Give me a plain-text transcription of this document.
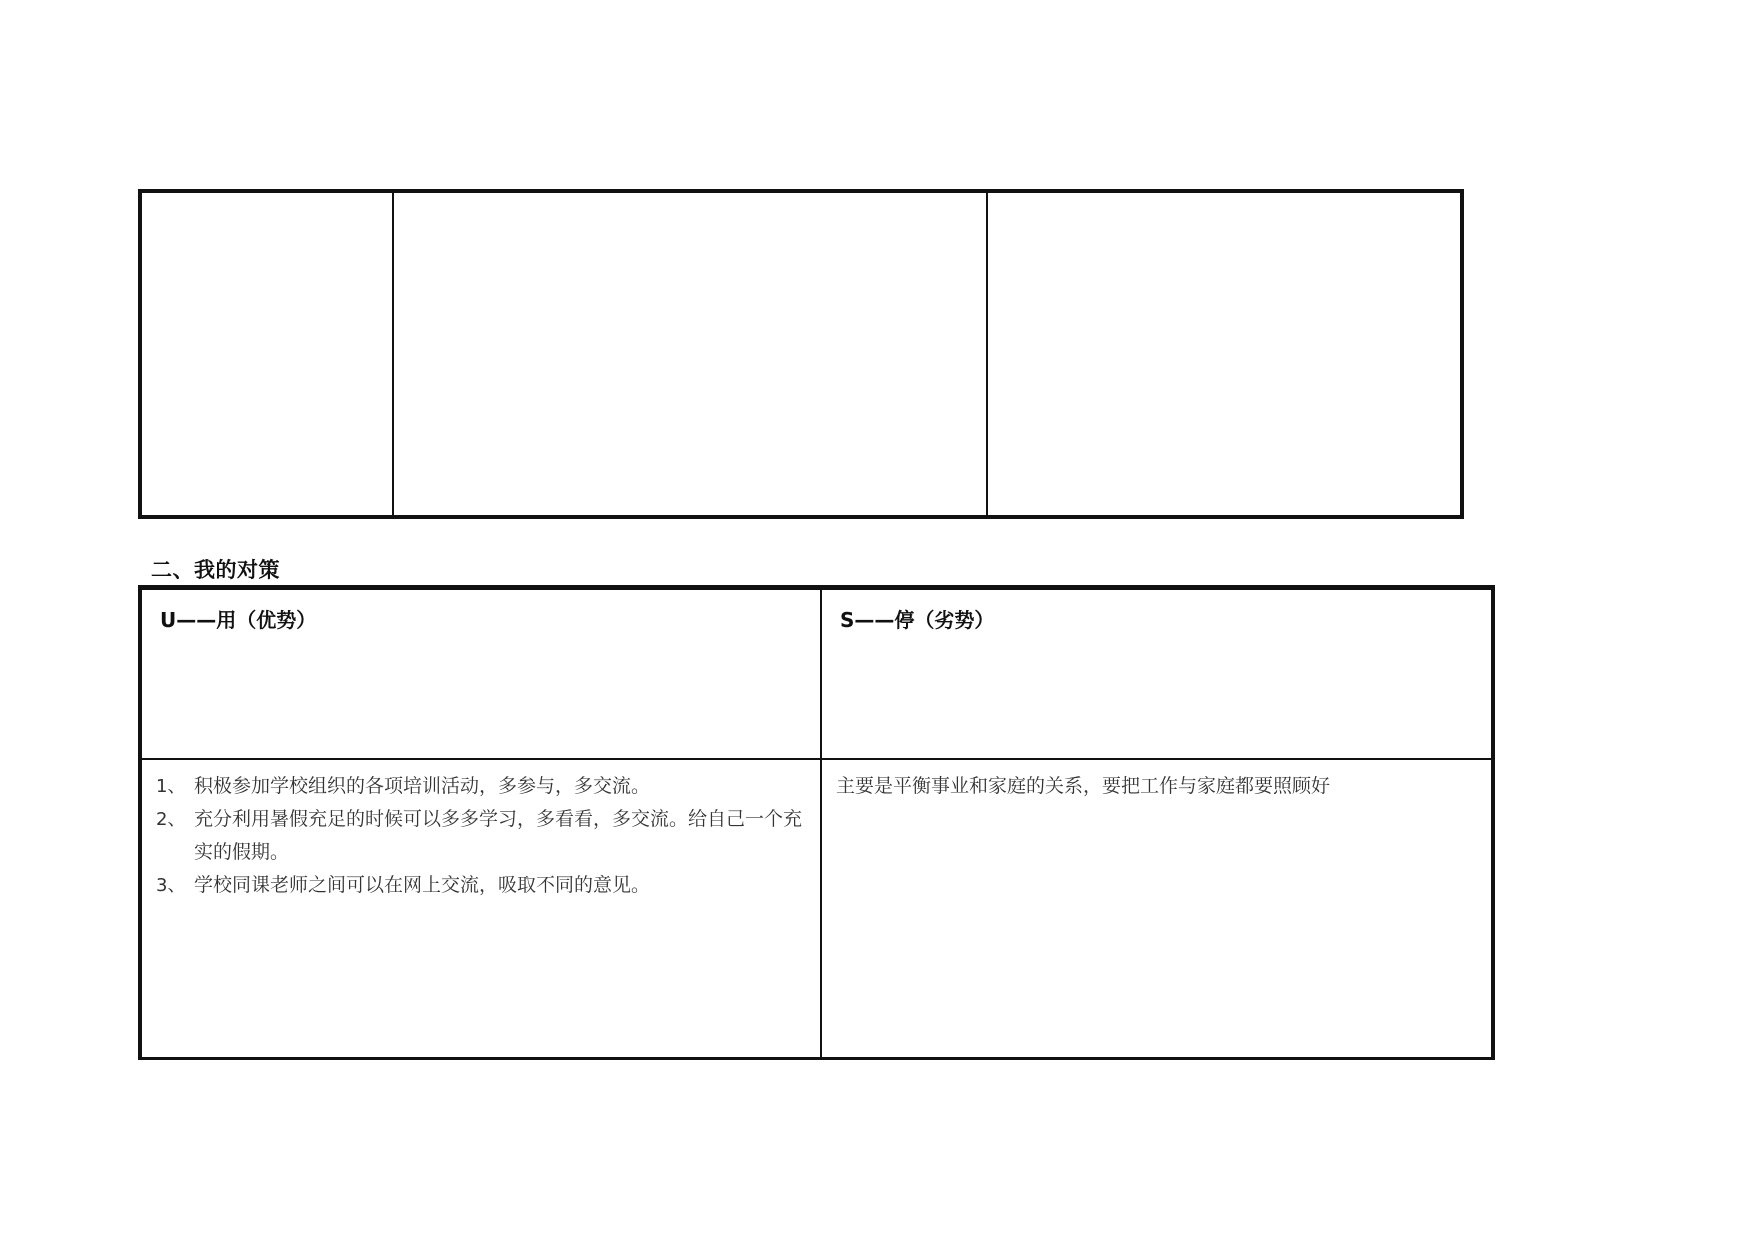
二、我的对策
U——用（优势）	S——停（劣势）
1、 积极参加学校组织的各项培训活动，多参与，多交流。
2、 充分利用暑假充足的时候可以多多学习，多看看，多交流。给自己一个充实的假期。
3、 学校同课老师之间可以在网上交流，吸取不同的意见。
主要是平衡事业和家庭的关系，要把工作与家庭都要照顾好
